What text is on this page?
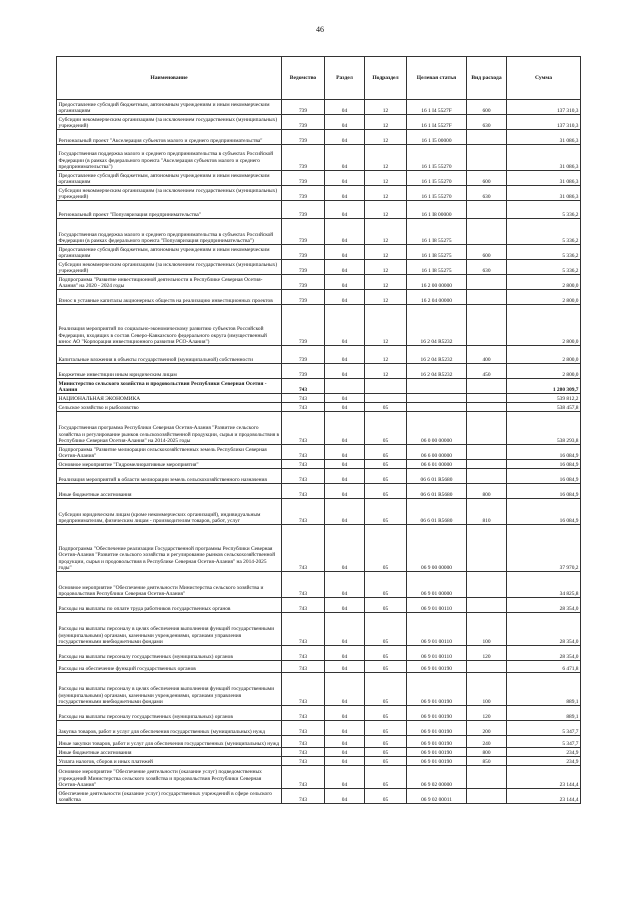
46
Наименование	Ведомство	Раздел	Подраздел	Целевая статья	Вид расхода	Сумма
Предоставление субсидий бюджетным, автономным учреждениям и иным некоммерческим организациям	739	04	12	16 1 I4 5527F	600	137 310,3
Субсидии некоммерческим организациям (за исключением государственных (муниципальных) учреждений)	739	04	12	16 1 I4 5527F	630	137 310,3
Региональный проект "Акселерация субъектов малого и среднего предпринимательства"	739	04	12	16 1 I5 00000		31 086,3
Государственная поддержка малого и среднего предпринимательства в субъектах Российской Федерации (в рамках федерального проекта "Акселерация субъектов малого и среднего предпринимательства")	739	04	12	16 1 I5 55270		31 086,3
Предоставление субсидий бюджетным, автономным учреждениям и иным некоммерческим организациям	739	04	12	16 1 I5 55270	600	31 086,3
Субсидии некоммерческим организациям (за исключением государственных (муниципальных) учреждений)	739	04	12	16 1 I5 55270	630	31 086,3
Региональный проект "Популяризация предпринимательства"	739	04	12	16 1 I8 00000		5 336,2
Государственная поддержка малого и среднего предпринимательства в субъектах Российской Федерации (в рамках федерального проекта "Популяризация предпринимательства")	739	04	12	16 1 I8 55275		5 336,2
Предоставление субсидий бюджетным, автономным учреждениям и иным некоммерческим организациям	739	04	12	16 1 I8 55275	600	5 336,2
Субсидии некоммерческим организациям (за исключением государственных (муниципальных) учреждений)	739	04	12	16 1 I8 55275	630	5 336,2
Подпрограмма "Развитие инвестиционной деятельности в Республике Северная Осетия-Алания" на 2020 - 2024 годы	739	04	12	16 2 00 00000		2 800,0
Взнос в уставные капиталы акционерных обществ на реализацию инвестиционных проектов	739	04	12	16 2 04 00000		2 800,0
Реализация мероприятий по социально-экономическому развитию субъектов Российской Федерации, входящих в состав Северо-Кавказского федерального округа (имущественный взнос АО "Корпорация инвестиционного развития РСО-Алания")	739	04	12	16 2 04 R5232		2 800,0
Капитальные вложения в объекты государственной (муниципальной) собственности	739	04	12	16 2 04 R5232	400	2 800,0
Бюджетные инвестиции иным юридическим лицам	739	04	12	16 2 04 R5232	450	2 800,0
Министерство сельского хозяйства и продовольствия Республики Северная Осетия - Алания	743					1 280 309,7
НАЦИОНАЛЬНАЯ ЭКОНОМИКА	743	04				539 812,2
Сельское хозяйство и рыболовство	743	04	05			538 457,8
Государственная программа Республики Северная Осетия-Алания "Развитие сельского хозяйства и регулирование рынков сельскохозяйственной продукции, сырья и продовольствия в Республике Северная Осетия-Алания" на 2014-2025 годы	743	04	05	06 0 00 00000		538 293,8
Подпрограмма "Развитие мелиорации сельскохозяйственных земель Республики Северная Осетия-Алания"	743	04	05	06 6 00 00000		16 084,9
Основное мероприятие "Гидромелиоративные мероприятия"	743	04	05	06 6 01 00000		16 084,9
Реализация мероприятий в области мелиорации земель сельскохозяйственного назначения	743	04	05	06 6 01 R5680		16 084,9
Иные бюджетные ассигнования	743	04	05	06 6 01 R5680	800	16 084,9
Субсидии юридическим лицам (кроме некоммерческих организаций), индивидуальным предпринимателям, физическим лицам - производителям товаров, работ, услуг	743	04	05	06 6 01 R5680	810	16 084,9
Подпрограмма "Обеспечение реализации Государственной программы Республики Северная Осетия-Алания "Развитие сельского хозяйства и регулирование рынков сельскохозяйственной продукции, сырья и продовольствия в Республике Северная Осетия-Алания" на 2014-2025 годы"	743	04	05	06 9 00 00000		37 970,2
Основное мероприятие "Обеспечение деятельности Министерства сельского хозяйства и продовольствия Республики Северная Осетия-Алания"	743	04	05	06 9 01 00000		34 825,8
Расходы на выплаты по оплате труда работников государственных органов	743	04	05	06 9 01 00110		28 354,0
Расходы на выплаты персоналу в целях обеспечения выполнения функций государственными (муниципальными) органами, казенными учреждениями, органами управления государственными внебюджетными фондами	743	04	05	06 9 01 00110	100	28 354,0
Расходы на выплаты персоналу государственных (муниципальных) органов	743	04	05	06 9 01 00110	120	28 354,0
Расходы на обеспечение функций государственных органов	743	04	05	06 9 01 00190		6 471,8
Расходы на выплаты персоналу в целях обеспечения выполнения функций государственными (муниципальными) органами, казенными учреждениями, органами управления государственными внебюджетными фондами	743	04	05	06 9 01 00190	100	889,1
Расходы на выплаты персоналу государственных (муниципальных) органов	743	04	05	06 9 01 00190	120	889,1
Закупка товаров, работ и услуг для обеспечения государственных (муниципальных) нужд	743	04	05	06 9 01 00190	200	5 347,7
Иные закупки товаров, работ и услуг для обеспечения государственных (муниципальных) нужд	743	04	05	06 9 01 00190	240	5 347,7
Иные бюджетные ассигнования	743	04	05	06 9 01 00190	800	234,9
Уплата налогов, сборов и иных платежей	743	04	05	06 9 01 00190	850	234,9
Основное мероприятие "Обеспечение деятельности (оказание услуг) подведомственных учреждений Министерства сельского хозяйства и продовольствия Республики Северная Осетия-Алания"	743	04	05	06 9 02 00000		23 144,4
Обеспечение деятельности (оказание услуг) государственных учреждений в сфере сельского хозяйства	743	04	05	06 9 02 00011		23 144,4
